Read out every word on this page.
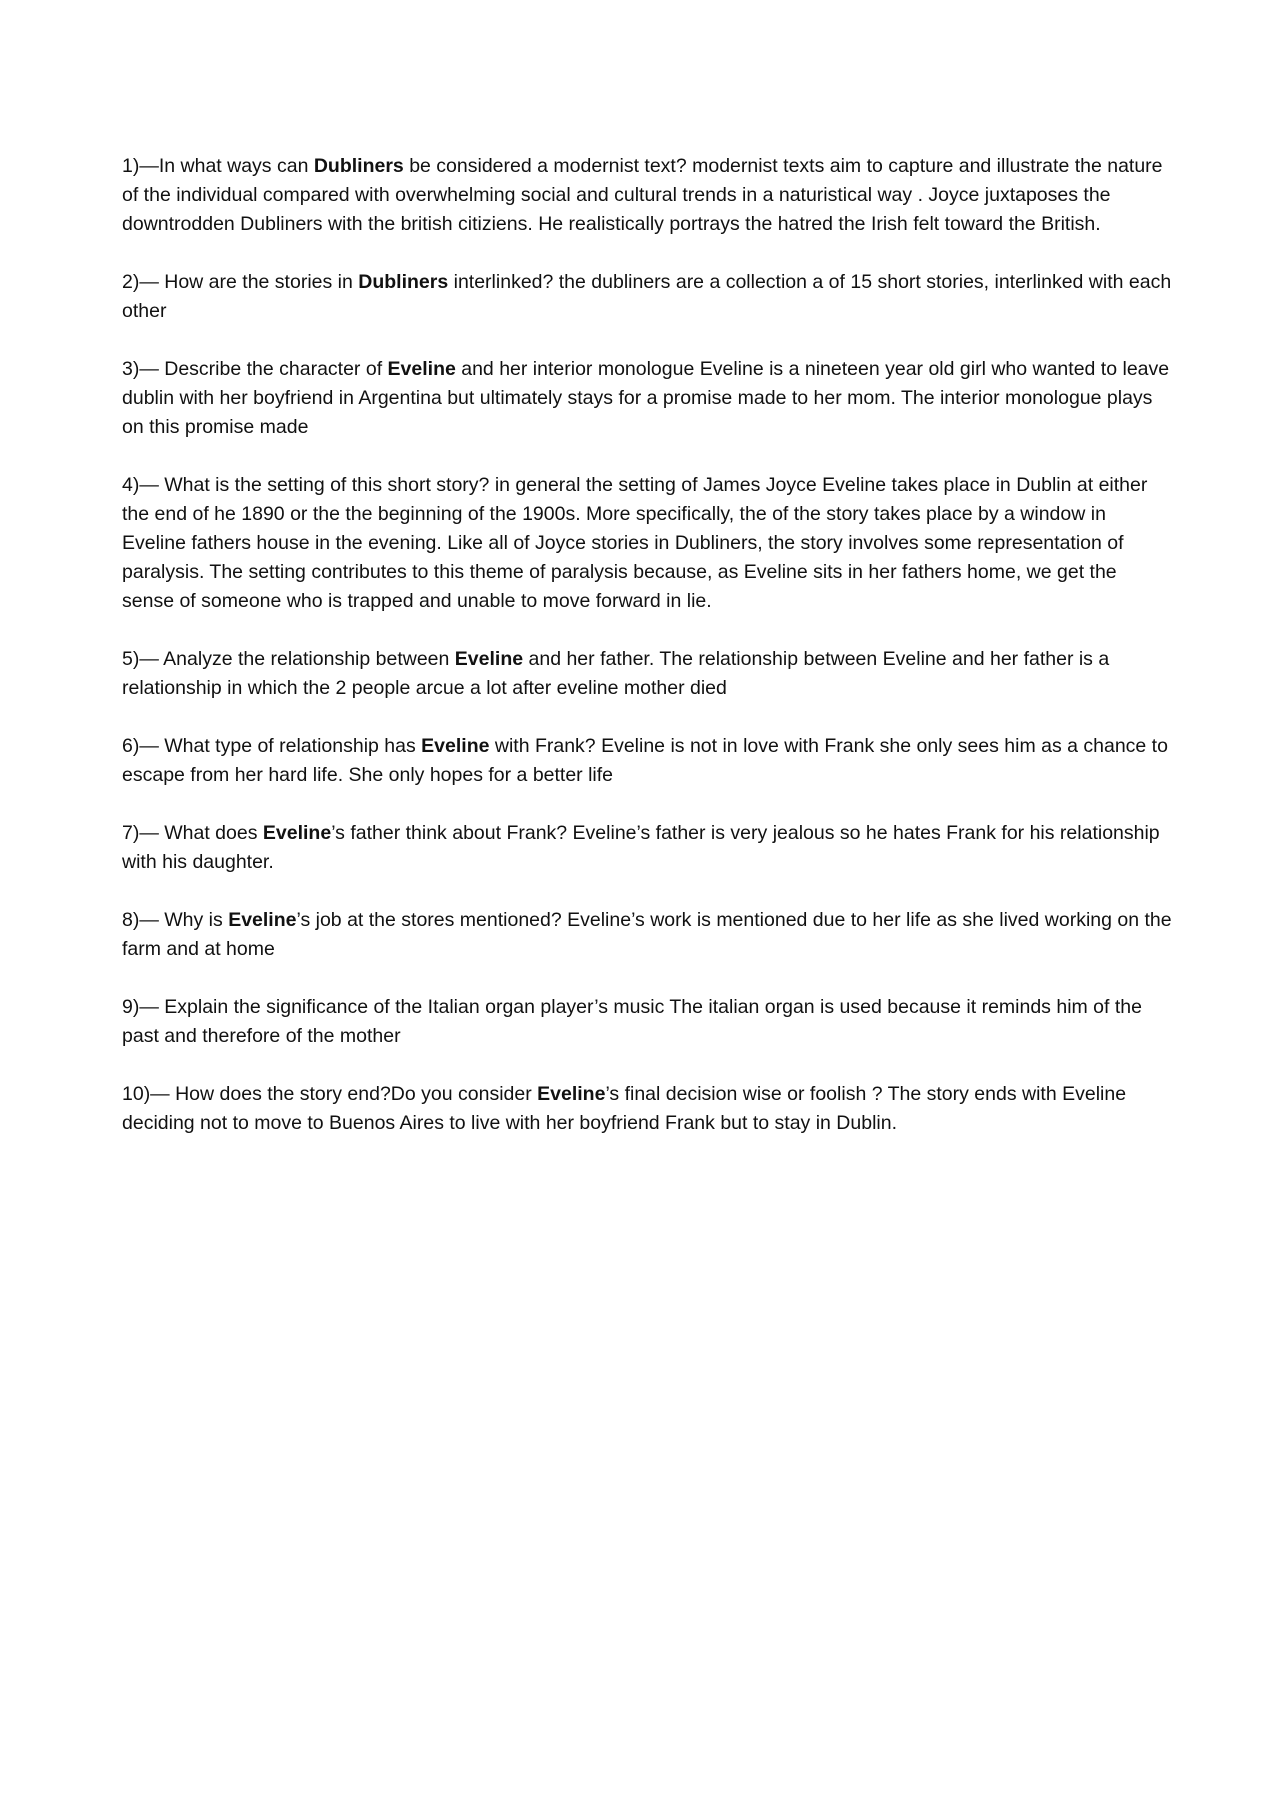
1)—In what ways can Dubliners be considered a modernist text? modernist texts aim to capture and illustrate the nature of the individual compared with overwhelming social and cultural trends in a naturistical way . Joyce juxtaposes the downtrodden Dubliners with the british citiziens. He realistically portrays the hatred the Irish felt toward the British.

2)— How are the stories in Dubliners interlinked? the dubliners are a collection a of 15 short stories, interlinked with each other

3)— Describe the character of Eveline and her interior monologue Eveline is a nineteen year old girl who wanted to leave dublin with her boyfriend in Argentina but ultimately stays for a promise made to her mom. The interior monologue plays on this promise made

4)— What is the setting of this short story? in general the setting of James Joyce Eveline takes place in Dublin at either the end of he 1890 or the the beginning of the 1900s. More specifically, the of the story takes place by a window in Eveline fathers house in the evening. Like all of Joyce stories in Dubliners, the story involves some representation of paralysis. The setting contributes to this theme of paralysis because, as Eveline sits in her fathers home, we get the sense of someone who is trapped and unable to move forward in lie.

5)— Analyze the relationship between Eveline and her father. The relationship between Eveline and her father is a relationship in which the 2 people arcue a lot after eveline mother died

6)— What type of relationship has Eveline with Frank? Eveline is not in love with Frank she only sees him as a chance to escape from her hard life. She only hopes for a better life

7)— What does Eveline’s father think about Frank? Eveline’s father is very jealous so he hates Frank for his relationship with his daughter.

8)— Why is Eveline’s job at the stores mentioned? Eveline’s work is mentioned due to her life as she lived working on the farm and at home

9)— Explain the significance of the Italian organ player’s music The italian organ is used because it reminds him of the past and therefore of the mother

10)— How does the story end?Do you consider Eveline’s final decision wise or foolish ? The story ends with Eveline deciding not to move to Buenos Aires to live with her boyfriend Frank but to stay in Dublin.
